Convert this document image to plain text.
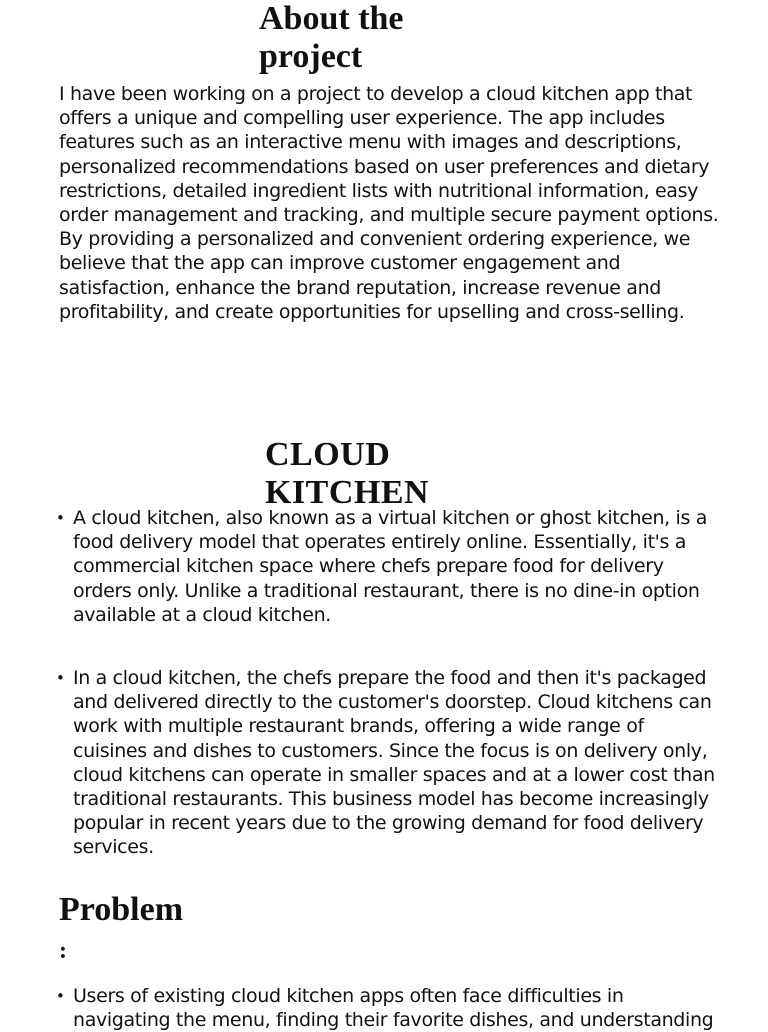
About the project

I have been working on a project to develop a cloud kitchen app that offers a unique and compelling user experience. The app includes features such as an interactive menu with images and descriptions, personalized recommendations based on user preferences and dietary restrictions, detailed ingredient lists with nutritional information, easy order management and tracking, and multiple secure payment options. By providing a personalized and convenient ordering experience, we believe that the app can improve customer engagement and satisfaction, enhance the brand reputation, increase revenue and profitability, and create opportunities for upselling and cross-selling.

CLOUD KITCHEN
• A cloud kitchen, also known as a virtual kitchen or ghost kitchen, is a food delivery model that operates entirely online. Essentially, it's a commercial kitchen space where chefs prepare food for delivery orders only. Unlike a traditional restaurant, there is no dine-in option available at a cloud kitchen.
• In a cloud kitchen, the chefs prepare the food and then it's packaged and delivered directly to the customer's doorstep. Cloud kitchens can work with multiple restaurant brands, offering a wide range of cuisines and dishes to customers. Since the focus is on delivery only, cloud kitchens can operate in smaller spaces and at a lower cost than traditional restaurants. This business model has become increasingly popular in recent years due to the growing demand for food delivery services.
Problem
:
• Users of existing cloud kitchen apps often face difficulties in navigating the menu, finding their favorite dishes, and understanding
